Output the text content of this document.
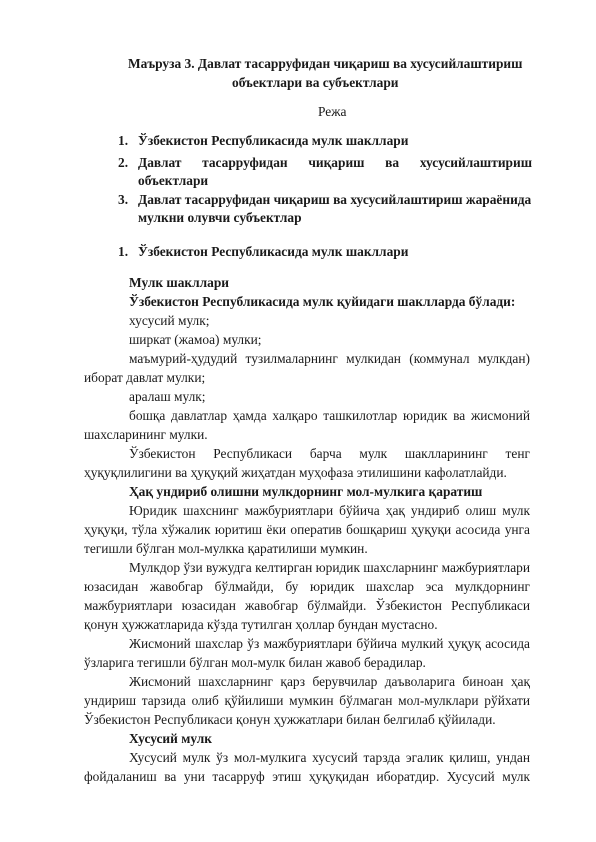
Маъруза 3. Давлат тасарруфидан чиқариш ва хусусийлаштириш
объектлари ва субъектлари
Режа
1. Ўзбекистон Республикасида мулк шакллари
2. Давлат тасарруфидан чиқариш ва хусусийлаштириш
объектлари
3. Давлат тасарруфидан чиқариш ва хусусийлаштириш жараёнида
мулкни олувчи субъектлар
1. Ўзбекистон Республикасида мулк шакллари
Мулк шакллари
Ўзбекистон Республикасида мулк қуйидаги шаклларда бўлади:
хусусий мулк;
ширкат (жамоа) мулки;
маъмурий-ҳудудий тузилмаларнинг мулкидан (коммунал мулкдан)
иборат давлат мулки;
аралаш мулк;
бошқа давлатлар ҳамда халқаро ташкилотлар юридик ва жисмоний
шахсларининг мулки.
Ўзбекистон Республикаси барча мулк шаклларининг тенг
ҳуқуқлилигини ва ҳуқуқий жиҳатдан муҳофаза этилишини кафолатлайди.
Ҳақ ундириб олишни мулкдорнинг мол-мулкига қаратиш
Юридик шахснинг мажбуриятлари бўйича ҳақ ундириб олиш мулк
ҳуқуқи, тўла хўжалик юритиш ёки оператив бошқариш ҳуқуқи асосида унга
тегишли бўлган мол-мулкка қаратилиши мумкин.
Мулкдор ўзи вужудга келтирган юридик шахсларнинг мажбуриятлари
юзасидан жавобгар бўлмайди, бу юридик шахслар эса мулкдорнинг
мажбуриятлари юзасидан жавобгар бўлмайди. Ўзбекистон Республикаси
қонун ҳужжатларида кўзда тутилган ҳоллар бундан мустасно.
Жисмоний шахслар ўз мажбуриятлари бўйича мулкий ҳуқуқ асосида
ўзларига тегишли бўлган мол-мулк билан жавоб берадилар.
Жисмоний шахсларнинг қарз берувчилар даъволарига биноан ҳақ
ундириш тарзида олиб қўйилиши мумкин бўлмаган мол-мулклари рўйхати
Ўзбекистон Республикаси қонун ҳужжатлари билан белгилаб қўйилади.
Хусусий мулк
Хусусий мулк ўз мол-мулкига хусусий тарзда эгалик қилиш, ундан
фойдаланиш ва уни тасарруф этиш ҳуқуқидан иборатдир. Хусусий мулк
